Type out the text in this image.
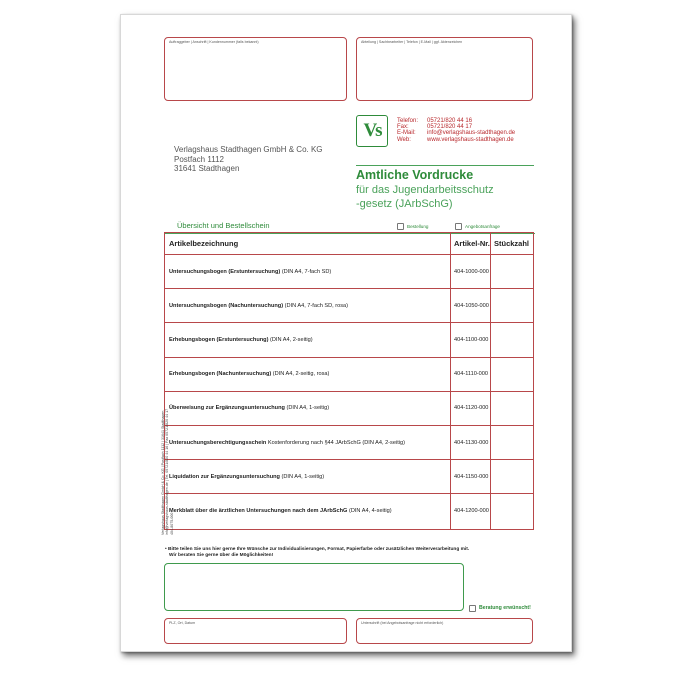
Auftraggeber | Anschrift | Kundennummer (falls bekannt)	Abteilung | Sachbearbeiter | Telefon | E-Mail | ggf. Aktenzeichen
Vs	Telefon:	05721/820 44 16
Fax:	05721/820 44 17
E-Mail:	info@verlagshaus-stadthagen.de
Web:	www.verlagshaus-stadthagen.de
Verlagshaus Stadthagen GmbH & Co. KG
Postfach 1112
31641 Stadthagen	Amtliche Vordrucke
für das Jugendarbeitsschutz
-gesetz (JArbSchG)
Übersicht und Bestellschein	Bestellung	Angebotsanfrage
Artikelbezeichnung	Artikel-Nr. Stückzahl
Untersuchungsbogen (Erstuntersuchung) (DIN A4, 7-fach SD)	404-1000-000
Untersuchungsbogen (Nachuntersuchung) (DIN A4, 7-fach SD, rosa)	404-1050-000
Erhebungsbogen (Erstuntersuchung) (DIN A4, 2-seitig)	404-1100-000
Erhebungsbogen (Nachuntersuchung) (DIN A4, 2-seitig, rosa)	404-1110-000
Überweisung zur Ergänzungsuntersuchung (DIN A4, 1-seitig)	404-1120-000
Untersuchungsberechtigungsschein Kostenforderung nach §44 JArbSchG (DIN A4, 2-seitig)	404-1130-000
Liquidation zur Ergänzungsuntersuchung (DIN A4, 1-seitig)	404-1150-000
Merkblatt über die ärztlichen Untersuchungen nach dem JArbSchG (DIN A4, 4-seitig)	404-1200-000
• Bitte teilen Sie uns hier gerne Ihre Wünsche zur Individualisierungen, Format, Papierfarbe oder zusätzlichen Weiterverarbeitung mit.
Wir beraten Sie gerne über die Möglichkeiten!
Beratung erwünscht!
PLZ, Ort, Datum	Unterschrift (bei Angebotsanfrage nicht erforderlich)
Verlagshaus Stadthagen GmbH & Co. KG | Postfach 1112 | 31641 Stadthagen info@verlagshaus-stadthagen.de | Tel. 05721/820 44 16 | Fax 05721/820 44 17 404-8075-000
